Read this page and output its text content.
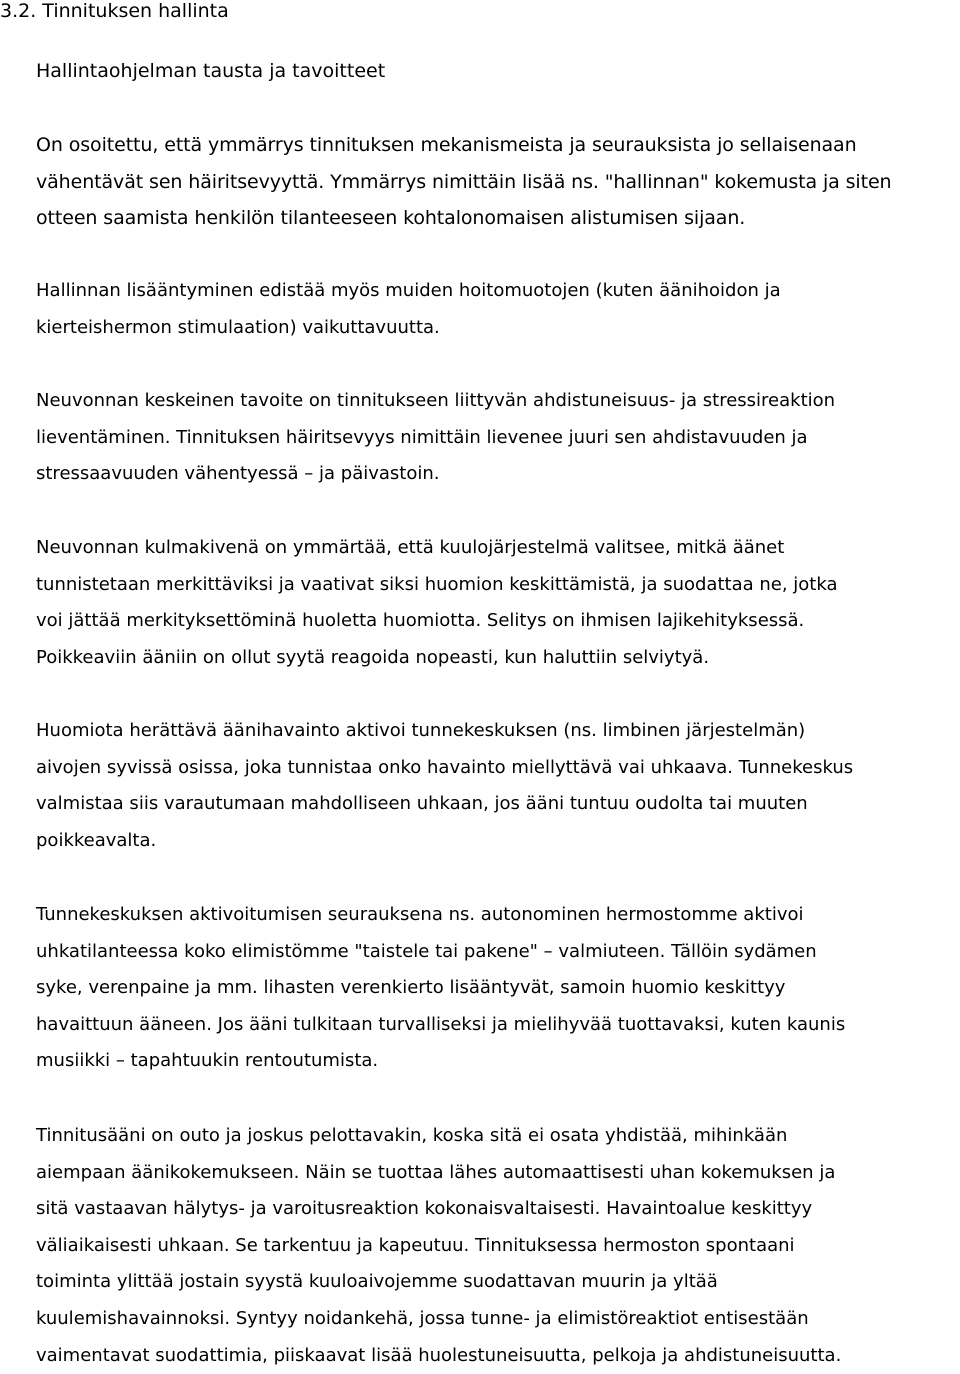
3.2. Tinnituksen hallinta
Hallintaohjelman tausta ja tavoitteet

On osoitettu, että ymmärrys tinnituksen mekanismeista ja seurauksista jo sellaisenaan
vähentävät sen häiritsevyyttä. Ymmärrys nimittäin lisää ns. "hallinnan" kokemusta ja siten
otteen saamista henkilön tilanteeseen kohtalonomaisen alistumisen sijaan.

Hallinnan lisääntyminen edistää myös muiden hoitomuotojen (kuten äänihoidon ja
kierteishermon stimulaation) vaikuttavuutta.

Neuvonnan keskeinen tavoite on tinnitukseen liittyvän ahdistuneisuus- ja stressireaktion
lieventäminen. Tinnituksen häiritsevyys nimittäin lievenee juuri sen ahdistavuuden ja
stressaavuuden vähentyessä – ja päivastoin.

Neuvonnan kulmakivenä on ymmärtää, että kuulojärjestelmä valitsee, mitkä äänet
tunnistetaan merkittäviksi ja vaativat siksi huomion keskittämistä, ja suodattaa ne, jotka
voi jättää merkityksettöminä huoletta huomiotta. Selitys on ihmisen lajikehityksessä.
Poikkeaviin ääniin on ollut syytä reagoida nopeasti, kun haluttiin selviytyä.

Huomiota herättävä äänihavainto aktivoi tunnekeskuksen (ns. limbinen järjestelmän)
aivojen syvissä osissa, joka tunnistaa onko havainto miellyttävä vai uhkaava. Tunnekeskus
valmistaa siis varautumaan mahdolliseen uhkaan, jos ääni tuntuu oudolta tai muuten
poikkeavalta.

Tunnekeskuksen aktivoitumisen seurauksena ns. autonominen hermostomme aktivoi
uhkatilanteessa koko elimistömme "taistele tai pakene" – valmiuteen. Tällöin sydämen
syke, verenpaine ja mm. lihasten verenkierto lisääntyvät, samoin huomio keskittyy
havaittuun ääneen. Jos ääni tulkitaan turvalliseksi ja mielihyvää tuottavaksi, kuten kaunis
musiikki – tapahtuukin rentoutumista.

Tinnitusääni on outo ja joskus pelottavakin, koska sitä ei osata yhdistää, mihinkään
aiempaan äänikokemukseen. Näin se tuottaa lähes automaattisesti uhan kokemuksen ja
sitä vastaavan hälytys- ja varoitusreaktion kokonaisvaltaisesti. Havaintoalue keskittyy
väliaikaisesti uhkaan. Se tarkentuu ja kapeutuu. Tinnituksessa hermoston spontaani
toiminta ylittää jostain syystä kuuloaivojemme suodattavan muurin ja yltää
kuulemishavainnoksi. Syntyy noidankehä, jossa tunne- ja elimistöreaktiot entisestään
vaimentavat suodattimia, piiskaavat lisää huolestuneisuutta, pelkoja ja ahdistuneisuutta.
